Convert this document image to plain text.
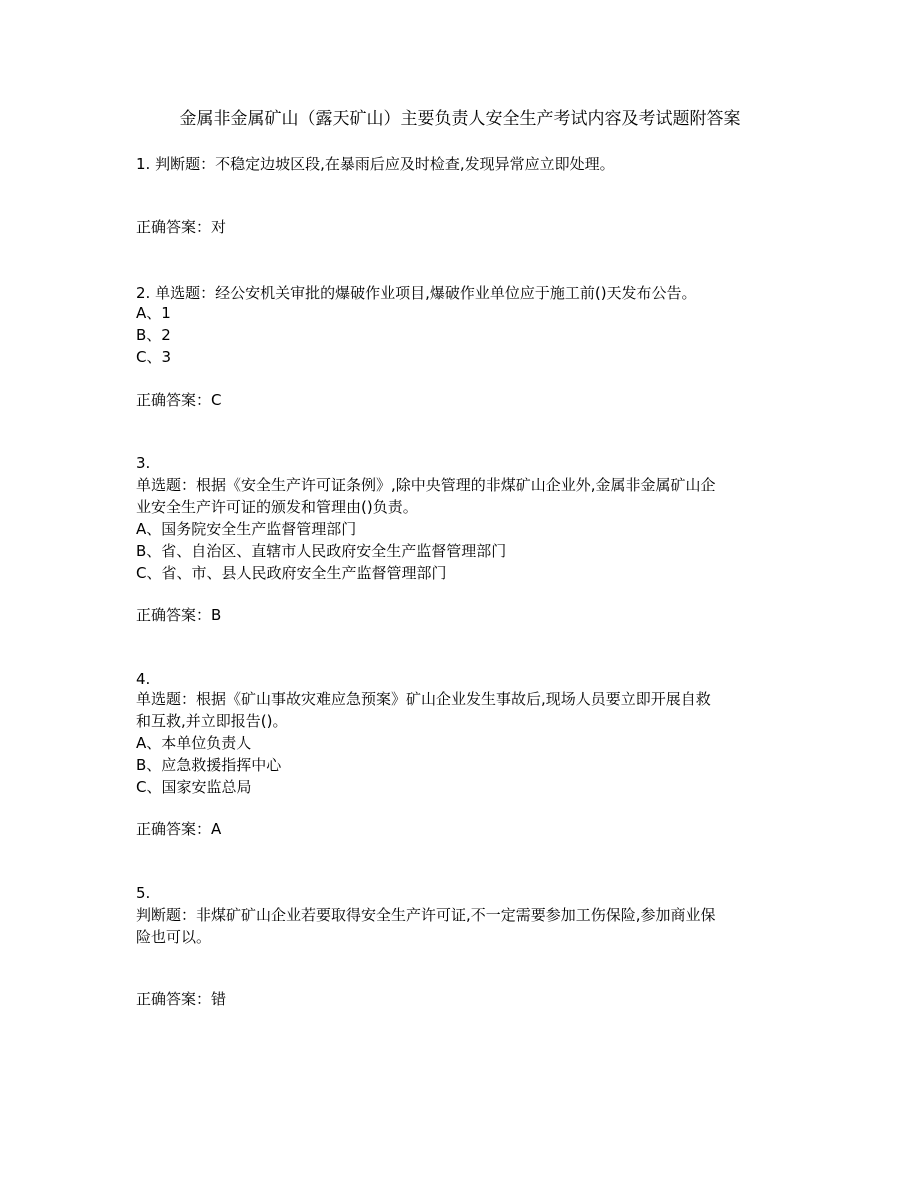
金属非金属矿山（露天矿山）主要负责人安全生产考试内容及考试题附答案
1. 判断题：不稳定边坡区段,在暴雨后应及时检查,发现异常应立即处理。
正确答案：对
2. 单选题：经公安机关审批的爆破作业项目,爆破作业单位应于施工前()天发布公告。
A、1
B、2
C、3
正确答案：C
3.
单选题：根据《安全生产许可证条例》,除中央管理的非煤矿山企业外,金属非金属矿山企
业安全生产许可证的颁发和管理由()负责。
A、国务院安全生产监督管理部门
B、省、自治区、直辖市人民政府安全生产监督管理部门
C、省、市、县人民政府安全生产监督管理部门
正确答案：B
4.
单选题：根据《矿山事故灾难应急预案》矿山企业发生事故后,现场人员要立即开展自救
和互救,并立即报告()。
A、本单位负责人
B、应急救援指挥中心
C、国家安监总局
正确答案：A
5.
判断题：非煤矿矿山企业若要取得安全生产许可证,不一定需要参加工伤保险,参加商业保
险也可以。
正确答案：错
